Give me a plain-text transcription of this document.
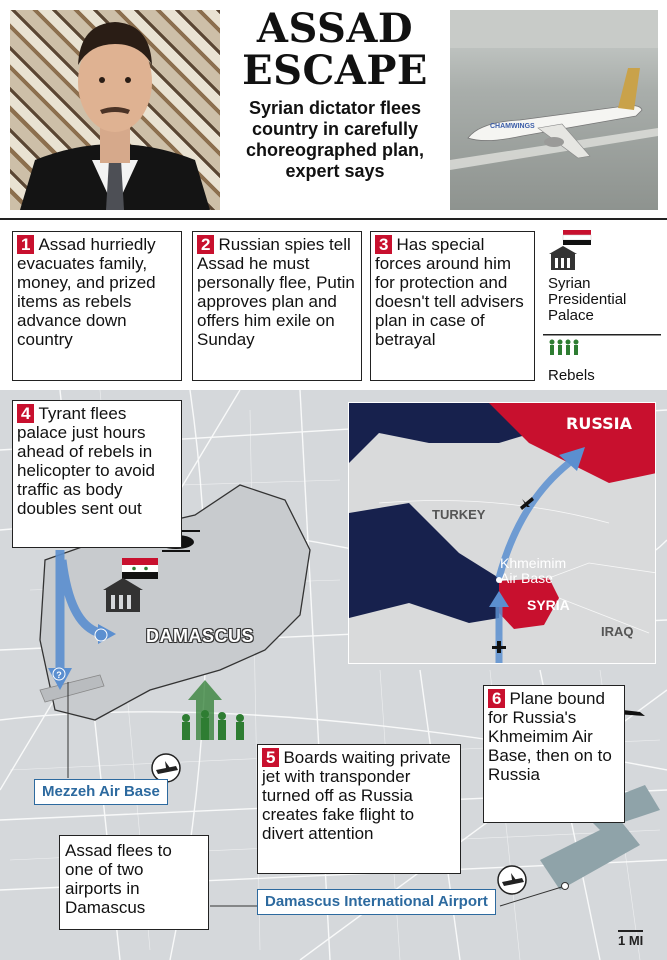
ASSAD
ESCAPE
Syrian dictator flees country in carefully choreographed plan, expert says
CHAMWINGS
1 Assad hurriedly evacuates family, money, and prized items as rebels advance down country
2 Russian spies tell Assad he must personally flee, Putin approves plan and offers him exile on Sunday
3 Has special forces around him for protection and doesn't tell advisers plan in case of betrayal
Syrian Presidential Palace
Rebels
?
RUSSIA
TURKEY
Khmeimim
Air Base
SYRIA
IRAQ
DAMASCUS
Mezzeh Air Base
Damascus International Airport
Assad flees to one of two airports in Damascus
4 Tyrant flees palace just hours ahead of rebels in helicopter to avoid traffic as body doubles sent out
5 Boards waiting private jet with transponder turned off as Russia creates fake flight to divert attention
6 Plane bound for Russia's Khmeimim Air Base, then on to Russia
1 MI
